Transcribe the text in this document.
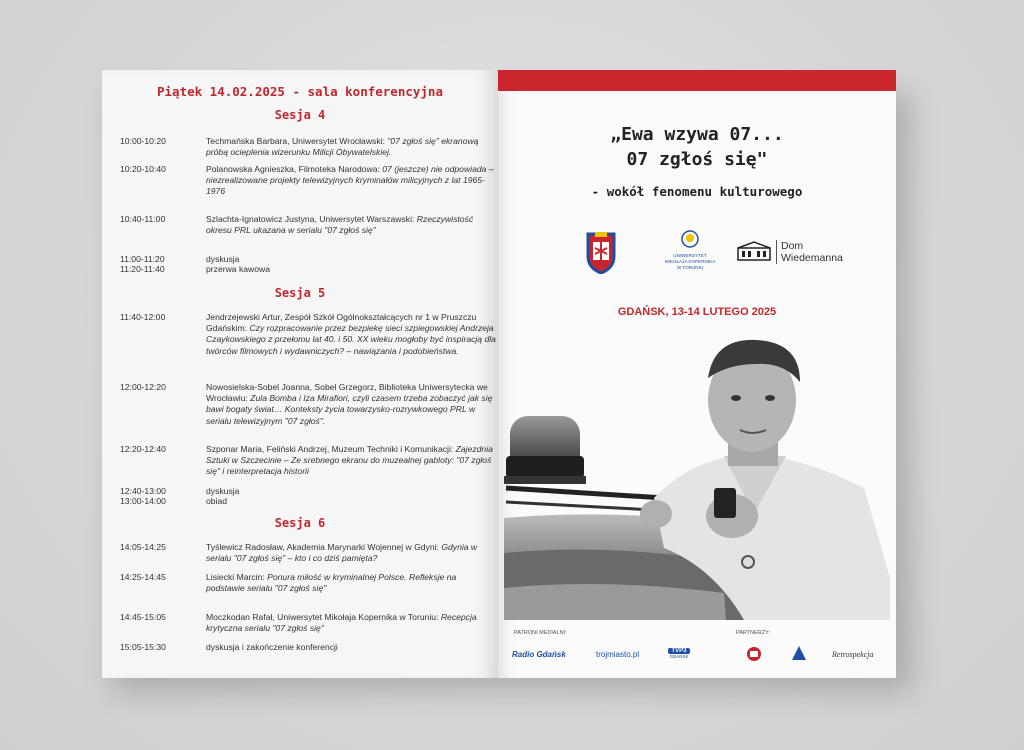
Piątek 14.02.2025 - sala konferencyjna
10:00-10:20	Techmańska Barbara, Uniwersytet Wrocławski: "07 zgłoś się" ekranową próbą ocieplenia wizerunku Milicji Obywatelskiej.
10:20-10:40	Polanowska Agnieszka, Filmoteka Narodowa: 07 (jeszcze) nie odpowiada – niezrealizowane projekty telewizyjnych kryminałów milicyjnych z lat 1965-1976
10:40-11:00	Szlachta-Ignatowicz Justyna, Uniwersytet Warszawski: Rzeczywistość okresu PRL ukazana w serialu "07 zgłoś się"
11:00-11:20	dyskusja
11:20-11:40	przerwa kawowa
11:40-12:00	Jendrzejewski Artur, Zespół Szkół Ogólnokształcących nr 1 w Pruszczu Gdańskim: Czy rozpracowanie przez bezpiekę sieci szpiegowskiej Andrzeja Czaykowskiego z przełomu lat 40. i 50. XX wieku mogłoby być inspiracją dla twórców filmowych i wydawniczych? – nawiązania i podobieństwa.
12:00-12:20	Nowosielska-Sobel Joanna, Sobel Grzegorz, Biblioteka Uniwersytecka we Wrocławiu: Zula Bomba i Iza Mirafiori, czyli czasem trzeba zobaczyć jak się bawi bogaty świat… Konteksty życia towarzysko-rozrywkowego PRL w serialu telewizyjnym "07 zgłoś".
12:20-12:40	Szponar Maria, Feliński Andrzej, Muzeum Techniki i Komunikacji: Zajezdnia Sztuki w Szczecinie – Ze srebnego ekranu do muzealnej gabloty: "07 zgłoś się" i reinterpretacja historii
12:40-13:00	dyskusja
13:00-14:00	obiad
14:05-14:25	Tyślewicz Radosław, Akademia Marynarki Wojennej w Gdyni: Gdynia w serialu "07 zgłoś się" – kto i co dziś pamięta?
14:25-14:45	Lisiecki Marcin: Ponura miłość w kryminalnej Polsce. Refleksje na podstawie serialu "07 zgłoś się"
14:45-15:05	Moczkodan Rafał, Uniwersytet Mikołaja Kopernika w Toruniu: Recepcja krytyczna serialu "07 zgłoś się"
15:05-15:30	dyskusja i zakończenie konferencji
Sesja 4
Sesja 5
Sesja 6
„Ewa wzywa 07...
07 zgłoś się"
- wokół fenomenu kulturowego
UNIWERSYTET
MIKOŁAJA KOPERNIKA
W TORUNIU
Dom
Wiedemanna
GDAŃSK, 13-14 LUTEGO 2025
PATRONI MEDIALNI:	PARTNERZY:
Radio Gdańsk	trojmiasto.pl	TVP3
GDAŃSK	Retrospekcja
